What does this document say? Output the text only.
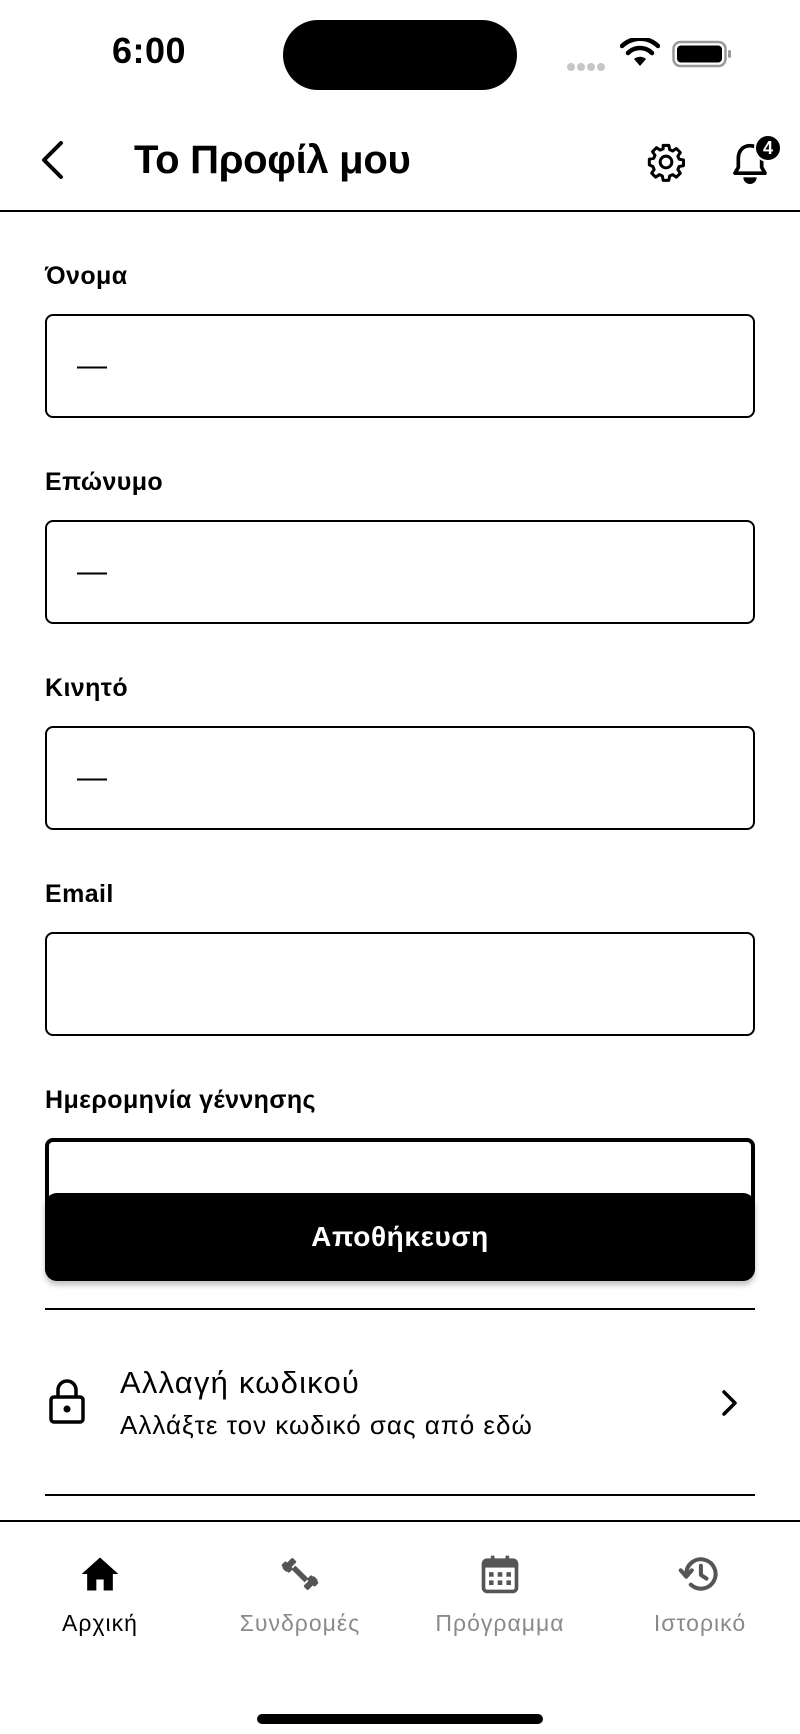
6:00
Το Προφίλ μου	4
Όνομα
—
Επώνυμο
—
Κινητό
—
Email
Ημερομηνία γέννησης
Αποθήκευση
Αλλαγή κωδικού
Αλλάξτε τον κωδικό σας από εδώ
Αρχική	Συνδρομές	Πρόγραμμα	Ιστορικό
